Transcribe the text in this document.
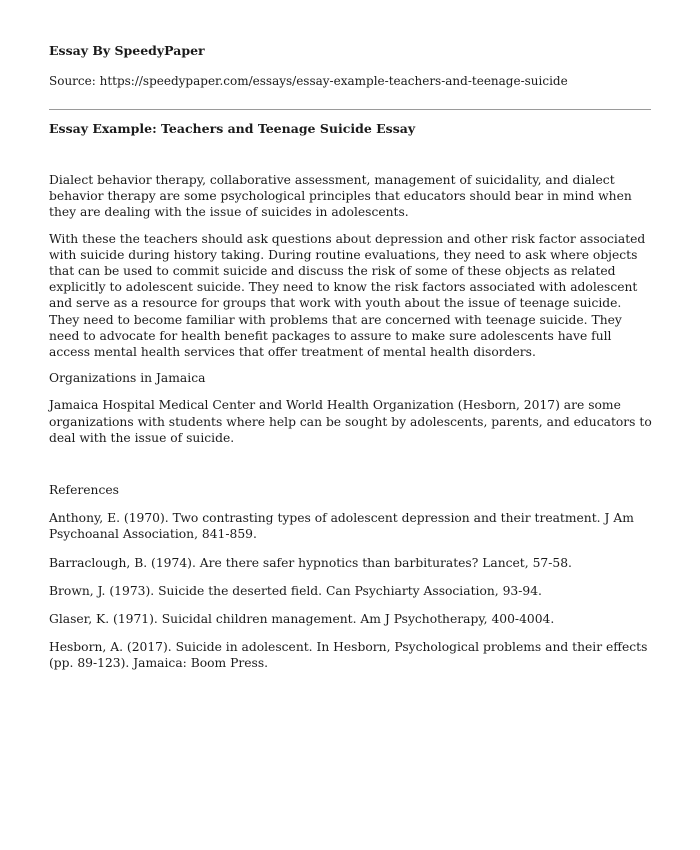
Essay By SpeedyPaper

Source: https://speedypaper.com/essays/essay-example-teachers-and-teenage-suicide

Essay Example: Teachers and Teenage Suicide Essay

Dialect behavior therapy, collaborative assessment, management of suicidality, and dialect behavior therapy are some psychological principles that educators should bear in mind when they are dealing with the issue of suicides in adolescents.

With these the teachers should ask questions about depression and other risk factor associated with suicide during history taking. During routine evaluations, they need to ask where objects that can be used to commit suicide and discuss the risk of some of these objects as related explicitly to adolescent suicide. They need to know the risk factors associated with adolescent and serve as a resource for groups that work with youth about the issue of teenage suicide. They need to become familiar with problems that are concerned with teenage suicide. They need to advocate for health benefit packages to assure to make sure adolescents have full access mental health services that offer treatment of mental health disorders.

Organizations in Jamaica

Jamaica Hospital Medical Center and World Health Organization (Hesborn, 2017) are some organizations with students where help can be sought by adolescents, parents, and educators to deal with the issue of suicide.

References

Anthony, E. (1970). Two contrasting types of adolescent depression and their treatment. J Am Psychoanal Association, 841-859.

Barraclough, B. (1974). Are there safer hypnotics than barbiturates? Lancet, 57-58.

Brown, J. (1973). Suicide the deserted field. Can Psychiarty Association, 93-94.

Glaser, K. (1971). Suicidal children management. Am J Psychotherapy, 400-4004.

Hesborn, A. (2017). Suicide in adolescent. In Hesborn, Psychological problems and their effects (pp. 89-123). Jamaica: Boom Press.
